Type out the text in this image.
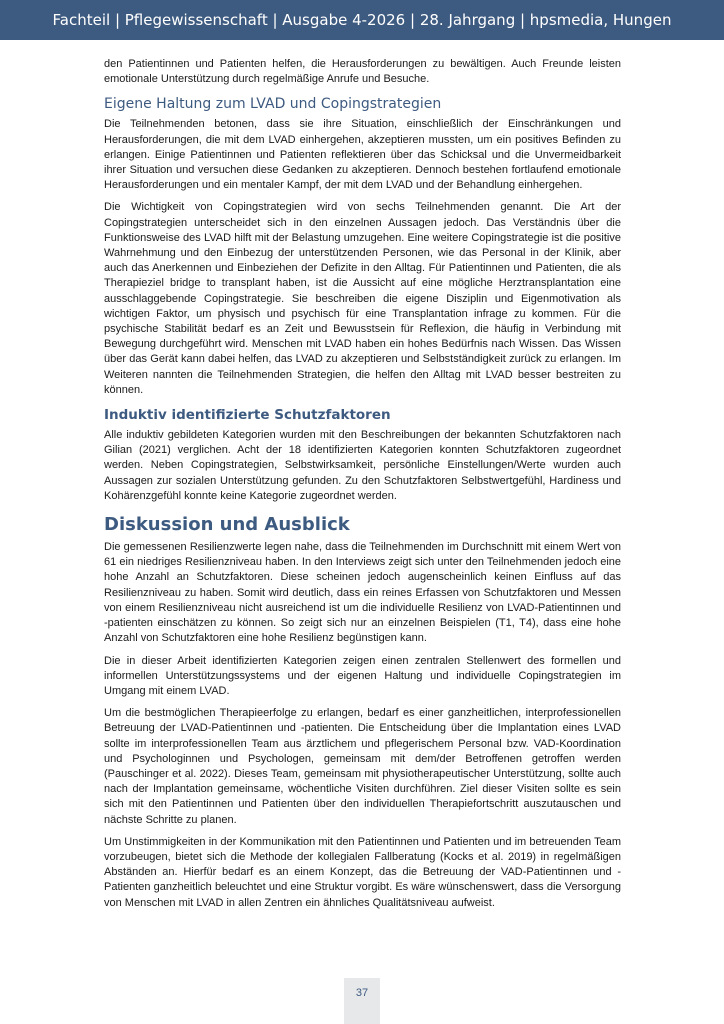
Fachteil | Pflegewissenschaft | Ausgabe 4-2026 | 28. Jahrgang | hpsmedia, Hungen

den Patientinnen und Patienten helfen, die Herausforderungen zu bewältigen. Auch Freunde leisten emotionale Unterstützung durch regelmäßige Anrufe und Besuche.

Eigene Haltung zum LVAD und Copingstrategien

Die Teilnehmenden betonen, dass sie ihre Situation, einschließlich der Einschränkungen und Herausforderungen, die mit dem LVAD einhergehen, akzeptieren mussten, um ein positives Befinden zu erlangen. Einige Patientinnen und Patienten reflektieren über das Schicksal und die Unvermeidbarkeit ihrer Situation und versuchen diese Gedanken zu akzeptieren. Dennoch bestehen fortlaufend emotionale Herausforderungen und ein mentaler Kampf, der mit dem LVAD und der Behandlung einhergehen.

Die Wichtigkeit von Copingstrategien wird von sechs Teilnehmenden genannt. Die Art der Copingstrategien unterscheidet sich in den einzelnen Aussagen jedoch. Das Verständnis über die Funktionsweise des LVAD hilft mit der Belastung umzugehen. Eine weitere Copingstrategie ist die positive Wahrnehmung und den Einbezug der unterstützenden Personen, wie das Personal in der Klinik, aber auch das Anerkennen und Einbeziehen der Defizite in den Alltag. Für Patientinnen und Patienten, die als Therapieziel bridge to transplant haben, ist die Aussicht auf eine mögliche Herztransplantation eine ausschlaggebende Copingstrategie. Sie beschreiben die eigene Disziplin und Eigenmotivation als wichtigen Faktor, um physisch und psychisch für eine Transplantation infrage zu kommen. Für die psychische Stabilität bedarf es an Zeit und Bewusstsein für Reflexion, die häufig in Verbindung mit Bewegung durchgeführt wird. Menschen mit LVAD haben ein hohes Bedürfnis nach Wissen. Das Wissen über das Gerät kann dabei helfen, das LVAD zu akzeptieren und Selbstständigkeit zurück zu erlangen. Im Weiteren nannten die Teilnehmenden Strategien, die helfen den Alltag mit LVAD besser bestreiten zu können.

Induktiv identifizierte Schutzfaktoren

Alle induktiv gebildeten Kategorien wurden mit den Beschreibungen der bekannten Schutzfaktoren nach Gilian (2021) verglichen. Acht der 18 identifizierten Kategorien konnten Schutzfaktoren zugeordnet werden. Neben Copingstrategien, Selbstwirksamkeit, persönliche Einstellungen/Werte wurden auch Aussagen zur sozialen Unterstützung gefunden. Zu den Schutzfaktoren Selbstwertgefühl, Hardiness und Kohärenzgefühl konnte keine Kategorie zugeordnet werden.

Diskussion und Ausblick

Die gemessenen Resilienzwerte legen nahe, dass die Teilnehmenden im Durchschnitt mit einem Wert von 61 ein niedriges Resilienzniveau haben. In den Interviews zeigt sich unter den Teilnehmenden jedoch eine hohe Anzahl an Schutzfaktoren. Diese scheinen jedoch augenscheinlich keinen Einfluss auf das Resilienzniveau zu haben. Somit wird deutlich, dass ein reines Erfassen von Schutzfaktoren und Messen von einem Resilienzniveau nicht ausreichend ist um die individuelle Resilienz von LVAD-Patientinnen und -patienten einschätzen zu können. So zeigt sich nur an einzelnen Beispielen (T1, T4), dass eine hohe Anzahl von Schutzfaktoren eine hohe Resilienz begünstigen kann.

Die in dieser Arbeit identifizierten Kategorien zeigen einen zentralen Stellenwert des formellen und informellen Unterstützungssystems und der eigenen Haltung und individuelle Copingstrategien im Umgang mit einem LVAD.

Um die bestmöglichen Therapieerfolge zu erlangen, bedarf es einer ganzheitlichen, interprofessionellen Betreuung der LVAD-Patientinnen und -patienten. Die Entscheidung über die Implantation eines LVAD sollte im interprofessionellen Team aus ärztlichem und pflegerischem Personal bzw. VAD-Koordination und Psychologinnen und Psychologen, gemeinsam mit dem/der Betroffenen getroffen werden (Pauschinger et al. 2022). Dieses Team, gemeinsam mit physiotherapeutischer Unterstützung, sollte auch nach der Implantation gemeinsame, wöchentliche Visiten durchführen. Ziel dieser Visiten sollte es sein sich mit den Patientinnen und Patienten über den individuellen Therapiefortschritt auszutauschen und nächste Schritte zu planen.

Um Unstimmigkeiten in der Kommunikation mit den Patientinnen und Patienten und im betreuenden Team vorzubeugen, bietet sich die Methode der kollegialen Fallberatung (Kocks et al. 2019) in regelmäßigen Abständen an. Hierfür bedarf es an einem Konzept, das die Betreuung der VAD-Patientinnen und -Patienten ganzheitlich beleuchtet und eine Struktur vorgibt. Es wäre wünschenswert, dass die Versorgung von Menschen mit LVAD in allen Zentren ein ähnliches Qualitätsniveau aufweist.

37
